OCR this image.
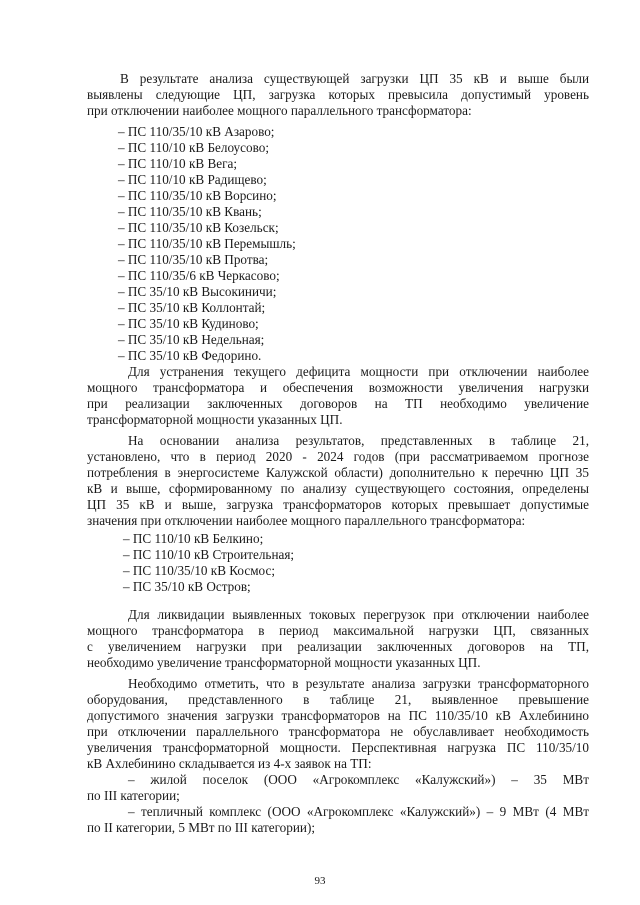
В результате анализа существующей загрузки ЦП 35 кВ и выше были
выявлены следующие ЦП, загрузка которых превысила допустимый уровень
при отключении наиболее мощного параллельного трансформатора:
– ПС 110/35/10 кВ Азарово;
– ПС 110/10 кВ Белоусово;
– ПС 110/10 кВ Вега;
– ПС 110/10 кВ Радищево;
– ПС 110/35/10 кВ Ворсино;
– ПС 110/35/10 кВ Квань;
– ПС 110/35/10 кВ Козельск;
– ПС 110/35/10 кВ Перемышль;
– ПС 110/35/10 кВ Протва;
– ПС 110/35/6 кВ Черкасово;
– ПС 35/10 кВ Высокиничи;
– ПС 35/10 кВ Коллонтай;
– ПС 35/10 кВ Кудиново;
– ПС 35/10 кВ Недельная;
– ПС 35/10 кВ Федорино.
Для устранения текущего дефицита мощности при отключении наиболее
мощного трансформатора и обеспечения возможности увеличения нагрузки
при реализации заключенных договоров на ТП необходимо увеличение
трансформаторной мощности указанных ЦП.
На основании анализа результатов, представленных в таблице 21,
установлено, что в период 2020 - 2024 годов (при рассматриваемом прогнозе
потребления в энергосистеме Калужской области) дополнительно к перечню ЦП 35
кВ и выше, сформированному по анализу существующего состояния, определены
ЦП 35 кВ и выше, загрузка трансформаторов которых превышает допустимые
значения при отключении наиболее мощного параллельного трансформатора:
– ПС 110/10 кВ Белкино;
– ПС 110/10 кВ Строительная;
– ПС 110/35/10 кВ Космос;
– ПС 35/10 кВ Остров;
Для ликвидации выявленных токовых перегрузок при отключении наиболее
мощного трансформатора в период максимальной нагрузки ЦП, связанных
с увеличением нагрузки при реализации заключенных договоров на ТП,
необходимо увеличение трансформаторной мощности указанных ЦП.
Необходимо отметить, что в результате анализа загрузки трансформаторного
оборудования, представленного в таблице 21, выявленное превышение
допустимого значения загрузки трансформаторов на ПС 110/35/10 кВ Ахлебинино
при отключении параллельного трансформатора не обуславливает необходимость
увеличения трансформаторной мощности. Перспективная нагрузка ПС 110/35/10
кВ Ахлебинино складывается из 4-х заявок на ТП:
– жилой поселок (ООО «Агрокомплекс «Калужский») – 35 МВт
по III категории;
– тепличный комплекс (ООО «Агрокомплекс «Калужский») – 9 МВт (4 МВт
по II категории, 5 МВт по III категории);
93
